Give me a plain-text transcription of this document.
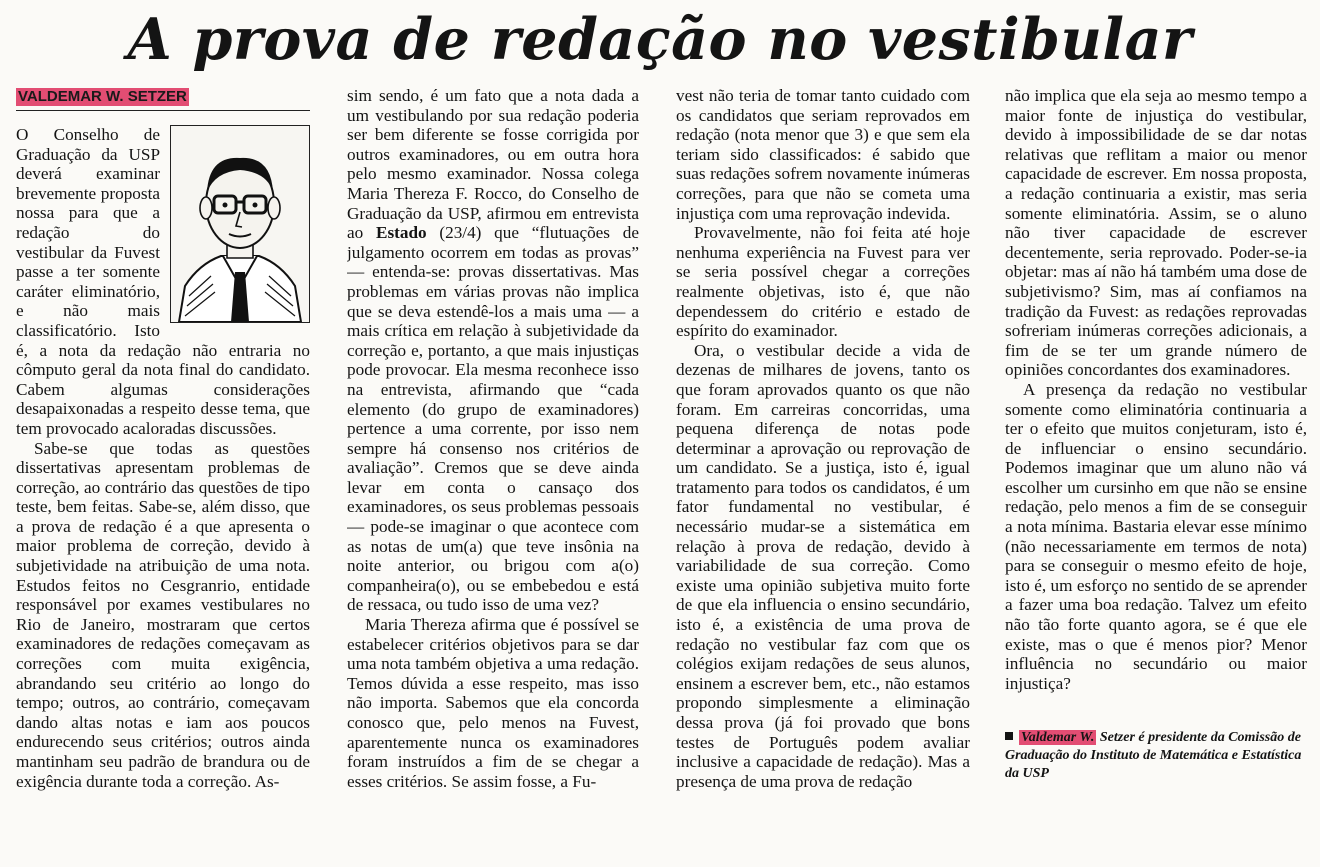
A prova de redação no vestibular
VALDEMAR W. SETZER

O Conselho de Graduação da USP deverá examinar brevemente proposta nossa para que a redação do vestibular da Fuvest passe a ter somente caráter eliminatório, e não mais classificatório. Isto é, a nota da redação não entraria no cômputo geral da nota final do candidato. Cabem algumas considerações desapaixonadas a respeito desse tema, que tem provocado acaloradas discussões.

Sabe-se que todas as questões dissertativas apresentam problemas de correção, ao contrário das questões de tipo teste, bem feitas. Sabe-se, além disso, que a prova de redação é a que apresenta o maior problema de correção, devido à subjetividade na atribuição de uma nota. Estudos feitos no Cesgranrio, entidade responsável por exames vestibulares no Rio de Janeiro, mostraram que certos examinadores de redações começavam as correções com muita exigência, abrandando seu critério ao longo do tempo; outros, ao contrário, começavam dando altas notas e iam aos poucos endurecendo seus critérios; outros ainda mantinham seu padrão de brandura ou de exigência durante toda a correção. As-

sim sendo, é um fato que a nota dada a um vestibulando por sua redação poderia ser bem diferente se fosse corrigida por outros examinadores, ou em outra hora pelo mesmo examinador. Nossa colega Maria Thereza F. Rocco, do Conselho de Graduação da USP, afirmou em entrevista ao Estado (23/4) que “flutuações de julgamento ocorrem em todas as provas” — entenda-se: provas dissertativas. Mas problemas em várias provas não implica que se deva estendê-los a mais uma — a mais crítica em relação à subjetividade da correção e, portanto, a que mais injustiças pode provocar. Ela mesma reconhece isso na entrevista, afirmando que “cada elemento (do grupo de examinadores) pertence a uma corrente, por isso nem sempre há consenso nos critérios de avaliação”. Cremos que se deve ainda levar em conta o cansaço dos examinadores, os seus problemas pessoais — pode-se imaginar o que acontece com as notas de um(a) que teve insônia na noite anterior, ou brigou com a(o) companheira(o), ou se embebedou e está de ressaca, ou tudo isso de uma vez?

Maria Thereza afirma que é possível se estabelecer critérios objetivos para se dar uma nota também objetiva a uma redação. Temos dúvida a esse respeito, mas isso não importa. Sabemos que ela concorda conosco que, pelo menos na Fuvest, aparentemente nunca os examinadores foram instruídos a fim de se chegar a esses critérios. Se assim fosse, a Fu-

vest não teria de tomar tanto cuidado com os candidatos que seriam reprovados em redação (nota menor que 3) e que sem ela teriam sido classificados: é sabido que suas redações sofrem novamente inúmeras correções, para que não se cometa uma injustiça com uma reprovação indevida.

Provavelmente, não foi feita até hoje nenhuma experiência na Fuvest para ver se seria possível chegar a correções realmente objetivas, isto é, que não dependessem do critério e estado de espírito do examinador.

Ora, o vestibular decide a vida de dezenas de milhares de jovens, tanto os que foram aprovados quanto os que não foram. Em carreiras concorridas, uma pequena diferença de notas pode determinar a aprovação ou reprovação de um candidato. Se a justiça, isto é, igual tratamento para todos os candidatos, é um fator fundamental no vestibular, é necessário mudar-se a sistemática em relação à prova de redação, devido à variabilidade de sua correção. Como existe uma opinião subjetiva muito forte de que ela influencia o ensino secundário, isto é, a existência de uma prova de redação no vestibular faz com que os colégios exijam redações de seus alunos, ensinem a escrever bem, etc., não estamos propondo simplesmente a eliminação dessa prova (já foi provado que bons testes de Português podem avaliar inclusive a capacidade de redação). Mas a presença de uma prova de redação

não implica que ela seja ao mesmo tempo a maior fonte de injustiça do vestibular, devido à impossibilidade de se dar notas relativas que reflitam a maior ou menor capacidade de escrever. Em nossa proposta, a redação continuaria a existir, mas seria somente eliminatória. Assim, se o aluno não tiver capacidade de escrever decentemente, seria reprovado. Poder-se-ia objetar: mas aí não há também uma dose de subjetivismo? Sim, mas aí confiamos na tradição da Fuvest: as redações reprovadas sofreriam inúmeras correções adicionais, a fim de se ter um grande número de opiniões concordantes dos examinadores.

A presença da redação no vestibular somente como eliminatória continuaria a ter o efeito que muitos conjeturam, isto é, de influenciar o ensino secundário. Podemos imaginar que um aluno não vá escolher um cursinho em que não se ensine redação, pelo menos a fim de se conseguir a nota mínima. Bastaria elevar esse mínimo (não necessariamente em termos de nota) para se conseguir o mesmo efeito de hoje, isto é, um esforço no sentido de se aprender a fazer uma boa redação. Talvez um efeito não tão forte quanto agora, se é que ele existe, mas o que é menos pior? Menor influência no secundário ou maior injustiça?

Valdemar W. Setzer é presidente da Comissão de Graduação do Instituto de Matemática e Estatística da USP
